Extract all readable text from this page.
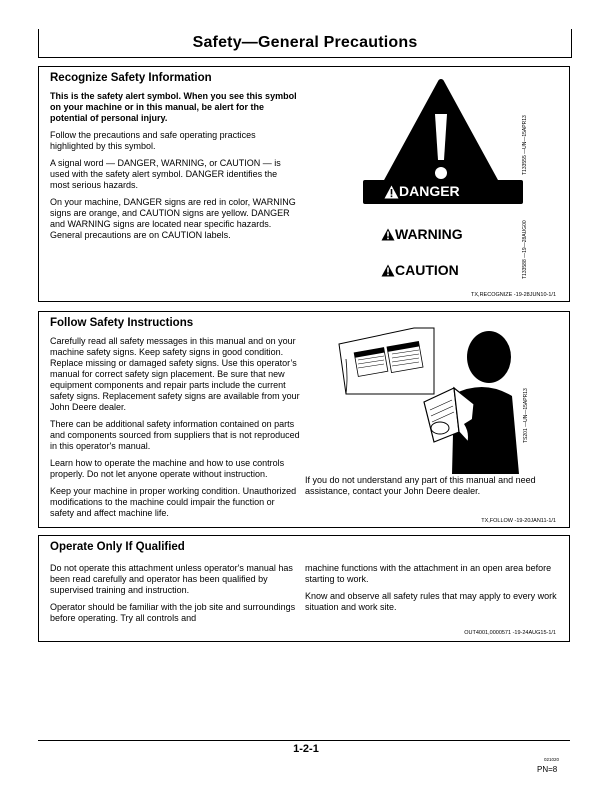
Safety—General Precautions
Recognize Safety Information

This is the safety alert symbol. When you see this symbol on your machine or in this manual, be alert for the potential of personal injury.

Follow the precautions and safe operating practices highlighted by this symbol.

A signal word — DANGER, WARNING, or CAUTION — is used with the safety alert symbol. DANGER identifies the most serious hazards.

On your machine, DANGER signs are red in color, WARNING signs are orange, and CAUTION signs are yellow. DANGER and WARNING signs are located near specific hazards. General precautions are on CAUTION labels.

T133555 —UN—15APR13
DANGER
WARNING
CAUTION	T133588 —19—28AUG00
TX,RECOGNIZE -19-28JUN10-1/1
Follow Safety Instructions

Carefully read all safety messages in this manual and on your machine safety signs. Keep safety signs in good condition. Replace missing or damaged safety signs. Use this operator’s manual for correct safety sign placement. Be sure that new equipment components and repair parts include the current safety signs. Replacement safety signs are available from your John Deere dealer.

There can be additional safety information contained on parts and components sourced from suppliers that is not reproduced in this operator's manual.

Learn how to operate the machine and how to use controls properly. Do not let anyone operate without instruction.

Keep your machine in proper working condition. Unauthorized modifications to the machine could impair the function or safety and affect machine life.

TS201 —UN—15APR13

If you do not understand any part of this manual and need assistance, contact your John Deere dealer.

TX,FOLLOW -19-20JAN11-1/1
Operate Only If Qualified

Do not operate this attachment unless operator's manual has been read carefully and operator has been qualified by supervised training and instruction.

Operator should be familiar with the job site and surroundings before operating. Try all controls and

machine functions with the attachment in an open area before starting to work.

Know and observe all safety rules that may apply to every work situation and work site.

OUT4001,0000571 -19-24AUG15-1/1
1-2-1
021020
PN=8
